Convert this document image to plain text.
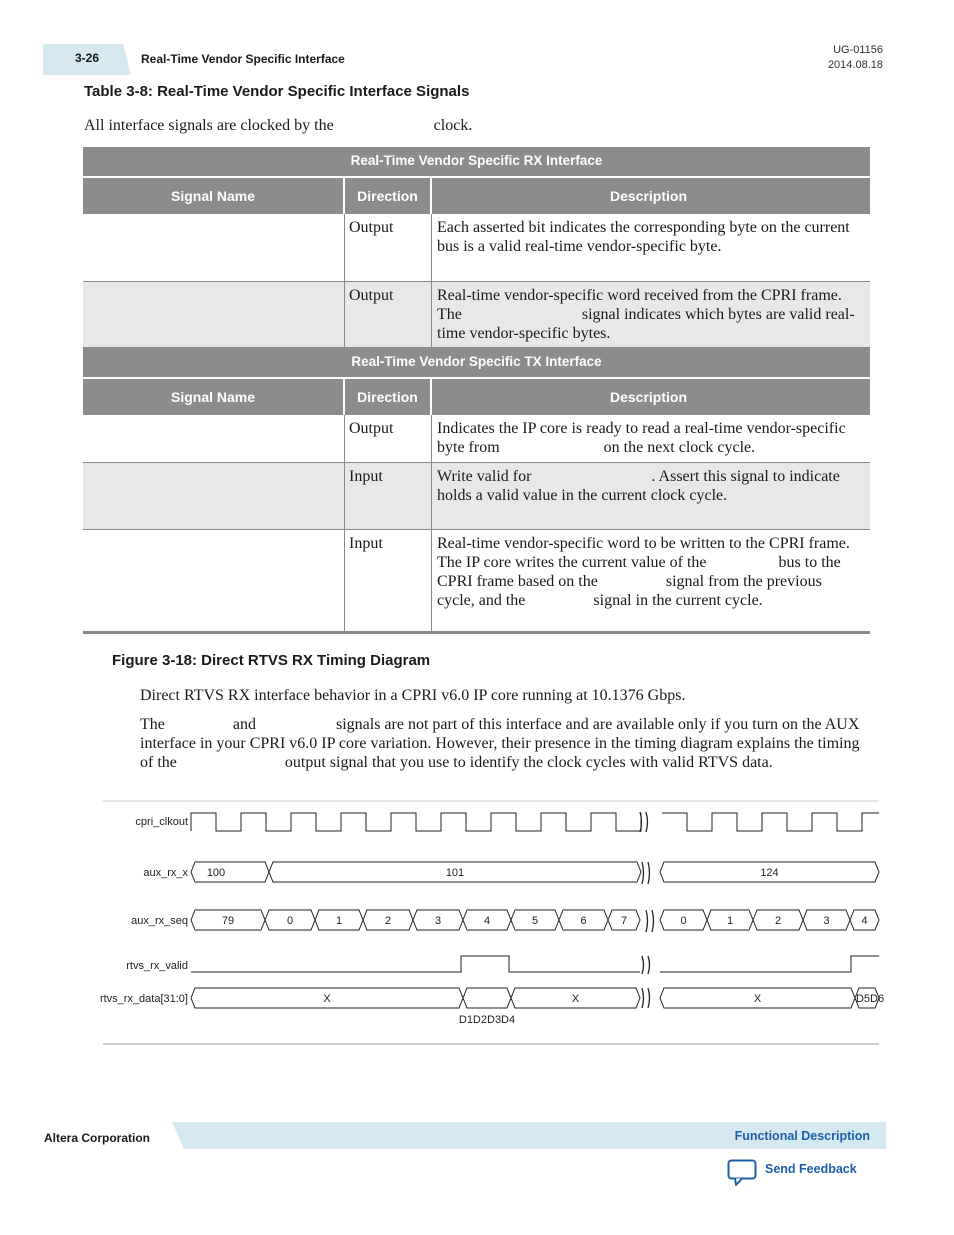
3-26	Real-Time Vendor Specific Interface
UG-01156
2014.08.18
Table 3-8: Real-Time Vendor Specific Interface Signals
All interface signals are clocked by the	clock.
Real-Time Vendor Specific RX Interface
Signal Name	Direction	Description
Output	Each asserted bit indicates the corresponding byte on the current                       bus is a valid real-time vendor-specific byte.
Output	Real-time vendor-specific word received from the CPRI frame. The                              signal indicates which bytes are valid real-time vendor-specific bytes.
Real-Time Vendor Specific TX Interface
Signal Name	Direction	Description
Output	Indicates the IP core is ready to read a real-time vendor-specific byte from                          on the next clock cycle.
Input	Write valid for                              . Assert this signal to indicate                      holds a valid value in the current clock cycle.
Input	Real-time vendor-specific word to be written to the CPRI frame. The IP core writes the current value of the                  bus to the CPRI frame based on the                 signal from the previous cycle, and the                 signal in the current cycle.
Figure 3-18: Direct RTVS RX Timing Diagram
Direct RTVS RX interface behavior in a CPRI v6.0 IP core running at 10.1376 Gbps.
The                 and                    signals are not part of this interface and are available only if you turn on the AUX interface in your CPRI v6.0 IP core variation. However, their presence in the timing diagram explains the timing of the                           output signal that you use to identify the clock cycles with valid RTVS data.
cpri_clkout
aux_rx_x
aux_rx_seq
rtvs_rx_valid
rtvs_rx_data[31:0]
100	101	124
79	0	1	2	3	4	5	6	7	0	1	2	3	4
X	X	X	D5D6
D1D2D3D4
Altera Corporation	Functional Description
Send Feedback
